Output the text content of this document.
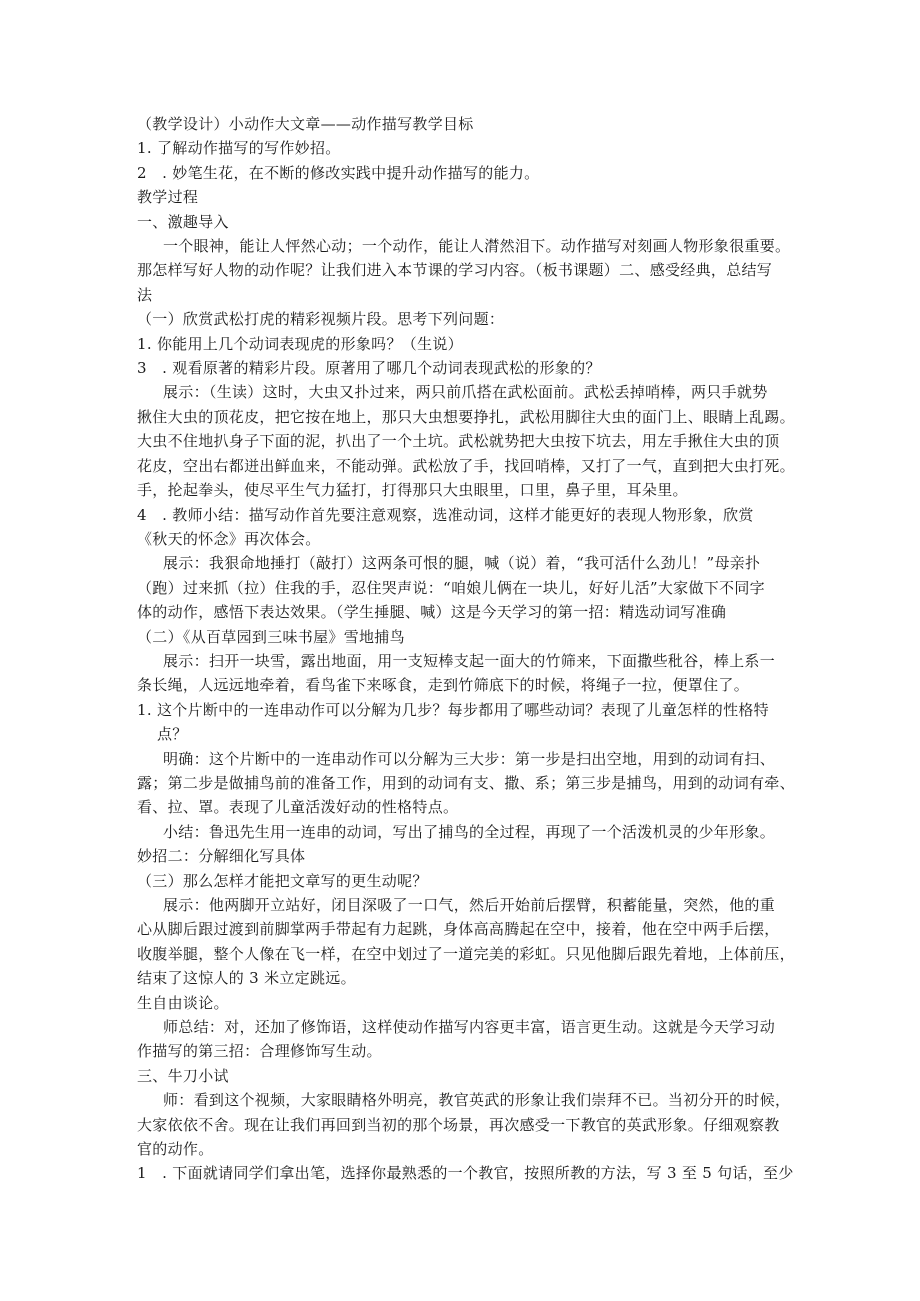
（教学设计）小动作大文章——动作描写教学目标
1. 了解动作描写的写作妙招。
2　. 妙笔生花，在不断的修改实践中提升动作描写的能力。
教学过程
一、激趣导入
一个眼神，能让人怦然心动；一个动作，能让人潸然泪下。动作描写对刻画人物形象很重要。
那怎样写好人物的动作呢？让我们进入本节课的学习内容。（板书课题）二、感受经典，总结写
法
（一）欣赏武松打虎的精彩视频片段。思考下列问题：
1. 你能用上几个动词表现虎的形象吗？（生说）
3　. 观看原著的精彩片段。原著用了哪几个动词表现武松的形象的？
展示：（生读）这时，大虫又扑过来，两只前爪搭在武松面前。武松丢掉哨棒，两只手就势
揪住大虫的顶花皮，把它按在地上，那只大虫想要挣扎，武松用脚往大虫的面门上、眼睛上乱踢。
大虫不住地扒身子下面的泥，扒出了一个土坑。武松就势把大虫按下坑去，用左手揪住大虫的顶
花皮，空出右都迸出鲜血来，不能动弹。武松放了手，找回哨棒，又打了一气，直到把大虫打死。
手，抡起拳头，使尽平生气力猛打，打得那只大虫眼里，口里，鼻子里，耳朵里。
4　. 教师小结：描写动作首先要注意观察，选准动词，这样才能更好的表现人物形象，欣赏
《秋天的怀念》再次体会。
展示：我狠命地捶打（敲打）这两条可恨的腿，喊（说）着，“我可活什么劲儿！”母亲扑
（跑）过来抓（拉）住我的手，忍住哭声说：“咱娘儿俩在一块儿，好好儿活”大家做下不同字
体的动作，感悟下表达效果。（学生捶腿、喊）这是今天学习的第一招：精选动词写准确
（二）《从百草园到三味书屋》雪地捕鸟
展示：扫开一块雪，露出地面，用一支短棒支起一面大的竹筛来，下面撒些秕谷，棒上系一
条长绳，人远远地牵着，看鸟雀下来啄食，走到竹筛底下的时候，将绳子一拉，便罩住了。
1. 这个片断中的一连串动作可以分解为几步？每步都用了哪些动词？表现了儿童怎样的性格特
点？
明确：这个片断中的一连串动作可以分解为三大步：第一步是扫出空地，用到的动词有扫、
露；第二步是做捕鸟前的准备工作，用到的动词有支、撒、系；第三步是捕鸟，用到的动词有牵、
看、拉、罩。表现了儿童活泼好动的性格特点。
小结：鲁迅先生用一连串的动词，写出了捕鸟的全过程，再现了一个活泼机灵的少年形象。
妙招二：分解细化写具体
（三）那么怎样才能把文章写的更生动呢？
展示：他两脚开立站好，闭目深吸了一口气，然后开始前后摆臂，积蓄能量，突然，他的重
心从脚后跟过渡到前脚掌两手带起有力起跳，身体高高腾起在空中，接着，他在空中两手后摆，
收腹举腿，整个人像在飞一样，在空中划过了一道完美的彩虹。只见他脚后跟先着地，上体前压，
结束了这惊人的 3 米立定跳远。
生自由谈论。
师总结：对，还加了修饰语，这样使动作描写内容更丰富，语言更生动。这就是今天学习动
作描写的第三招：合理修饰写生动。
三、牛刀小试
师：看到这个视频，大家眼睛格外明亮，教官英武的形象让我们崇拜不已。当初分开的时候，
大家依依不舍。现在让我们再回到当初的那个场景，再次感受一下教官的英武形象。仔细观察教
官的动作。
1　. 下面就请同学们拿出笔，选择你最熟悉的一个教官，按照所教的方法，写 3 至 5 句话，至少
